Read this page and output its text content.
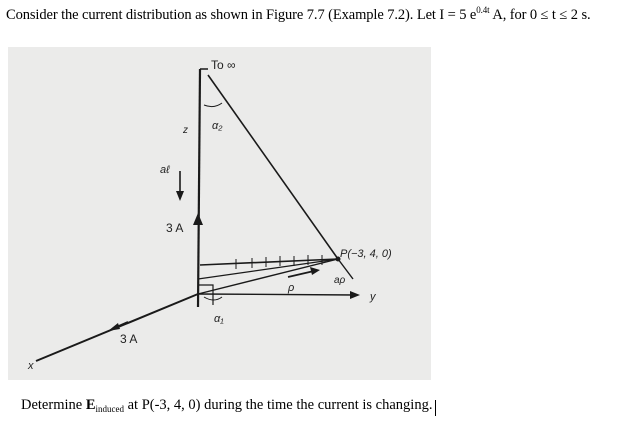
Consider the current distribution as shown in Figure 7.7 (Example 7.2). Let I = 5 $e^{0.4t}$ A, for 0 ≤ t ≤ 2 s.
To ∞
α₂
z
aℓ
3 A
P(−3, 4, 0)
ρ
aρ
y
α₁
3 A
x
Determine $E_{induced}$ at P(-3, 4, 0) during the time the current is changing.
